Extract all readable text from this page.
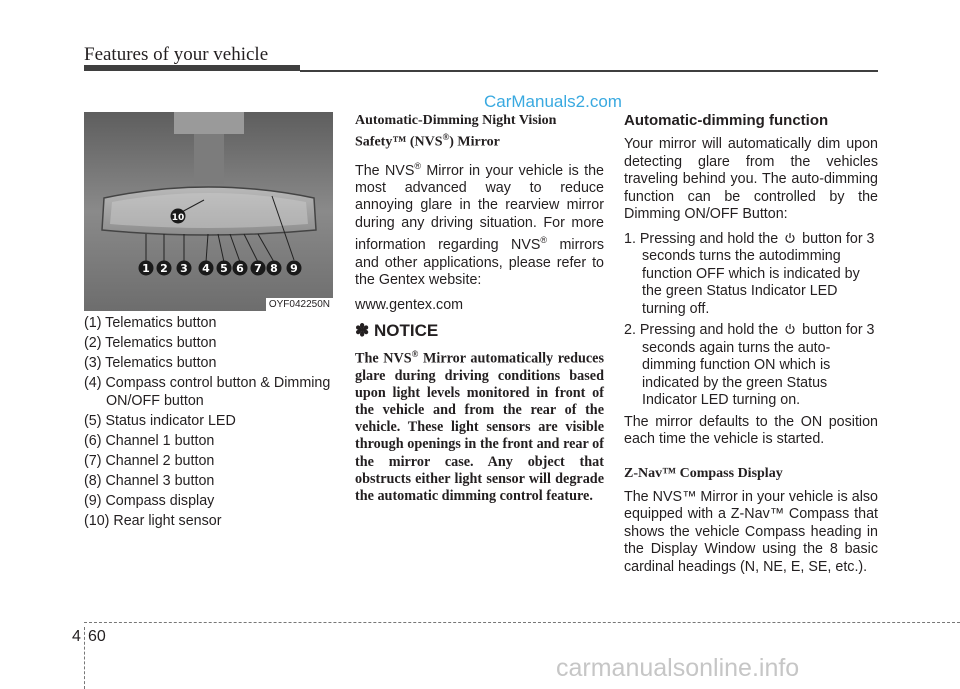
Features of your vehicle
CarManuals2.com
OYF042250N
10
1 2 3 4 5 6 7 8 9
(1) Telematics button
(2) Telematics button
(3) Telematics button
(4) Compass control button & Dimming ON/OFF button
(5) Status indicator LED
(6) Channel 1 button
(7) Channel 2 button
(8) Channel 3 button
(9) Compass display
(10) Rear light sensor
Automatic-Dimming Night Vision Safety™ (NVS®) Mirror
The NVS® Mirror in your vehicle is the most advanced way to reduce annoying glare in the rearview mirror during any driving situation. For more information regarding NVS® mirrors and other applications, please refer to the Gentex website:
www.gentex.com
✽ NOTICE

The NVS® Mirror automatically reduces glare during driving conditions based upon light levels monitored in front of the vehicle and from the rear of the vehicle. These light sensors are visible through openings in the front and rear of the mirror case. Any object that obstructs either light sensor will degrade the automatic dimming control feature.

Automatic-dimming function
Your mirror will automatically dim upon detecting glare from the vehicles traveling behind you. The auto-dimming function can be controlled by the Dimming ON/OFF Button:
1. Pressing and hold the button for 3 seconds turns the autodimming function OFF which is indicated by the green Status Indicator LED turning off.
2. Pressing and hold the button for 3 seconds again turns the auto-dimming function ON which is indicated by the green Status Indicator LED turning on.
The mirror defaults to the ON position each time the vehicle is started.
Z-Nav™ Compass Display
The NVS™ Mirror in your vehicle is also equipped with a Z-Nav™ Compass that shows the vehicle Compass heading in the Display Window using the 8 basic cardinal headings (N, NE, E, SE, etc.).
4 60
carmanualsonline.info
